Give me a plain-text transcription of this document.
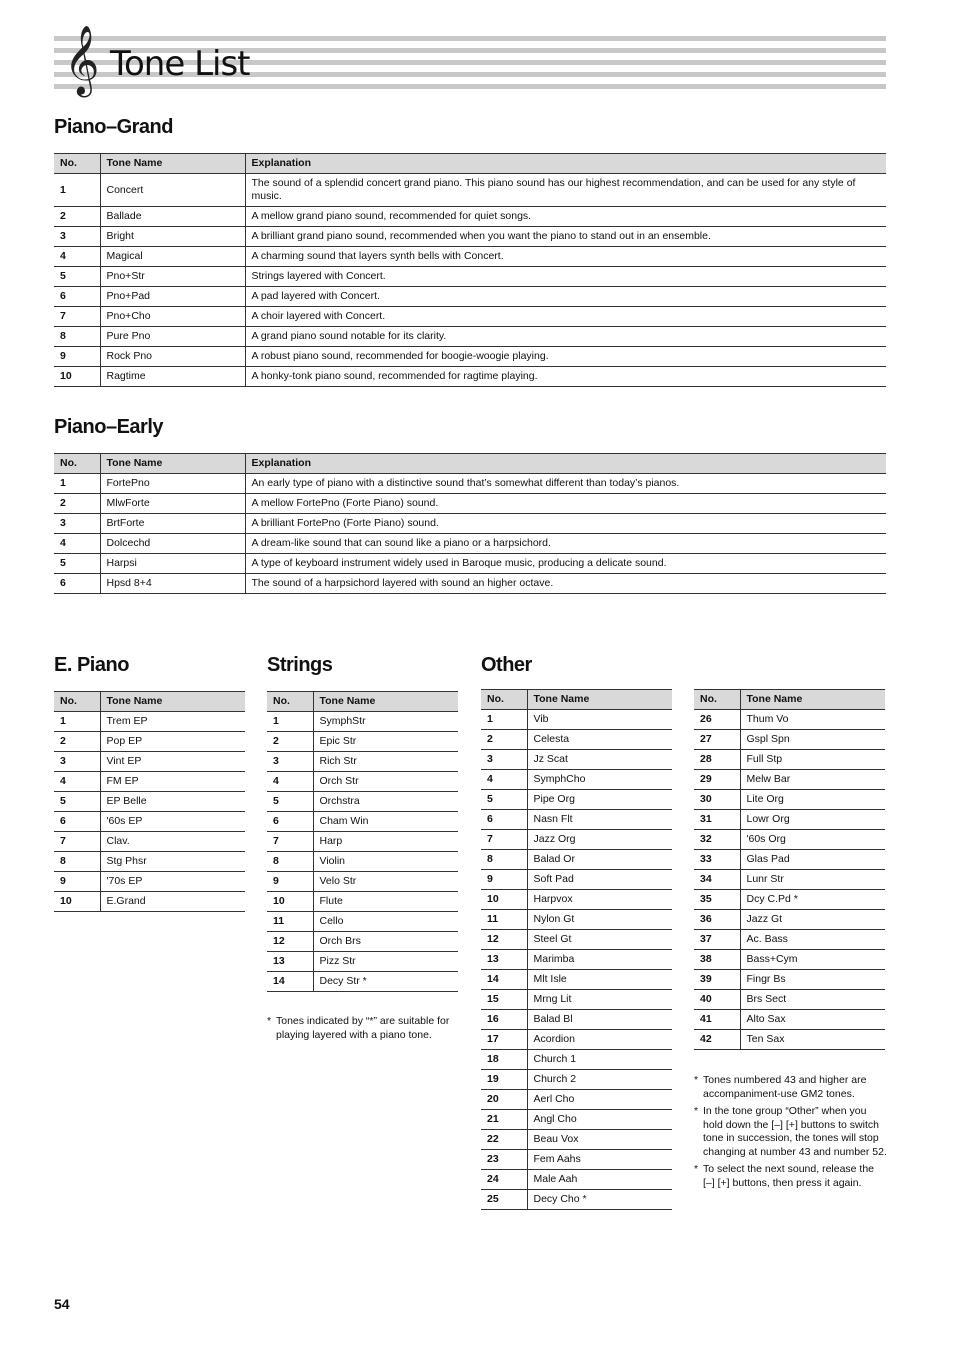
𝄞 Tone List
Piano–Grand
No.	Tone Name	Explanation
1	Concert	The sound of a splendid concert grand piano. This piano sound has our highest recommendation, and can be used for any style of music.
2	Ballade	A mellow grand piano sound, recommended for quiet songs.
3	Bright	A brilliant grand piano sound, recommended when you want the piano to stand out in an ensemble.
4	Magical	A charming sound that layers synth bells with Concert.
5	Pno+Str	Strings layered with Concert.
6	Pno+Pad	A pad layered with Concert.
7	Pno+Cho	A choir layered with Concert.
8	Pure Pno	A grand piano sound notable for its clarity.
9	Rock Pno	A robust piano sound, recommended for boogie-woogie playing.
10	Ragtime	A honky-tonk piano sound, recommended for ragtime playing.
Piano–Early
No.	Tone Name	Explanation
1	FortePno	An early type of piano with a distinctive sound that’s somewhat different than today’s pianos.
2	MlwForte	A mellow FortePno (Forte Piano) sound.
3	BrtForte	A brilliant FortePno (Forte Piano) sound.
4	Dolcechd	A dream-like sound that can sound like a piano or a harpsichord.
5	Harpsi	A type of keyboard instrument widely used in Baroque music, producing a delicate sound.
6	Hpsd 8+4	The sound of a harpsichord layered with sound an higher octave.
E. Piano
No.	Tone Name
1	Trem EP
2	Pop EP
3	Vint EP
4	FM EP
5	EP Belle
6	'60s EP
7	Clav.
8	Stg Phsr
9	'70s EP
10	E.Grand
Strings
No.	Tone Name
1	SymphStr
2	Epic Str
3	Rich Str
4	Orch Str
5	Orchstra
6	Cham Win
7	Harp
8	Violin
9	Velo Str
10	Flute
11	Cello
12	Orch Brs
13	Pizz Str
14	Decy Str *
* Tones indicated by “*” are suitable for playing layered with a piano tone.
Other
No.	Tone Name
1	Vib
2	Celesta
3	Jz Scat
4	SymphCho
5	Pipe Org
6	Nasn Flt
7	Jazz Org
8	Balad Or
9	Soft Pad
10	Harpvox
11	Nylon Gt
12	Steel Gt
13	Marimba
14	Mlt Isle
15	Mrng Lit
16	Balad Bl
17	Acordion
18	Church 1
19	Church 2
20	Aerl Cho
21	Angl Cho
22	Beau Vox
23	Fem Aahs
24	Male Aah
25	Decy Cho *
No.	Tone Name
26	Thum Vo
27	Gspl Spn
28	Full Stp
29	Melw Bar
30	Lite Org
31	Lowr Org
32	'60s Org
33	Glas Pad
34	Lunr Str
35	Dcy C.Pd *
36	Jazz Gt
37	Ac. Bass
38	Bass+Cym
39	Fingr Bs
40	Brs Sect
41	Alto Sax
42	Ten Sax
* Tones numbered 43 and higher are accompaniment-use GM2 tones.
* In the tone group “Other” when you hold down the [–] [+] buttons to switch tone in succession, the tones will stop changing at number 43 and number 52.
* To select the next sound, release the [–] [+] buttons, then press it again.
54
